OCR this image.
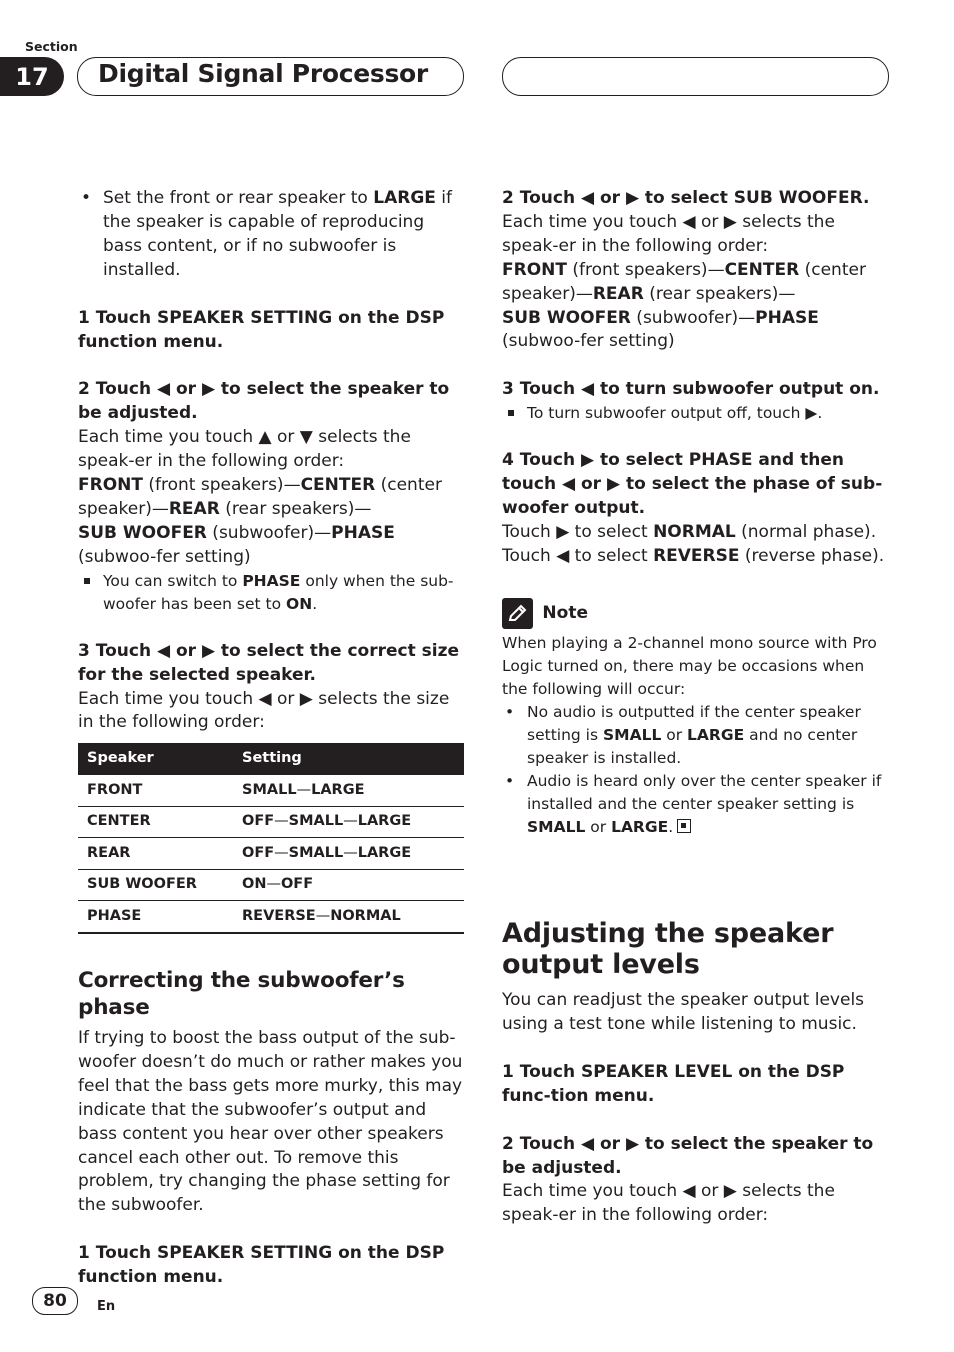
Section
17	Digital Signal Processor

• Set the front or rear speaker to LARGE if the speaker is capable of reproducing bass content, or if no subwoofer is installed.

1 Touch SPEAKER SETTING on the DSP function menu.

2 Touch ◀ or ▶ to select the speaker to be adjusted.

Each time you touch ▲ or ▼ selects the speak-er in the following order:

FRONT (front speakers)—CENTER (center speaker)—REAR (rear speakers)—
SUB WOOFER (subwoofer)—PHASE (subwoo-fer setting)

You can switch to PHASE only when the sub-woofer has been set to ON.

3 Touch ◀ or ▶ to select the correct size for the selected speaker.

Each time you touch ◀ or ▶ selects the size in the following order:

Speaker	Setting
FRONT	SMALL—LARGE
CENTER	OFF—SMALL—LARGE
REAR	OFF—SMALL—LARGE
SUB WOOFER	ON—OFF
PHASE	REVERSE—NORMAL

Correcting the subwoofer’s phase

If trying to boost the bass output of the sub-woofer doesn’t do much or rather makes you feel that the bass gets more murky, this may indicate that the subwoofer’s output and bass content you hear over other speakers cancel each other out. To remove this problem, try changing the phase setting for the subwoofer.

1 Touch SPEAKER SETTING on the DSP function menu.

2 Touch ◀ or ▶ to select SUB WOOFER.

Each time you touch ◀ or ▶ selects the speak-er in the following order:

FRONT (front speakers)—CENTER (center speaker)—REAR (rear speakers)—
SUB WOOFER (subwoofer)—PHASE (subwoo-fer setting)

3 Touch ◀ to turn subwoofer output on.

To turn subwoofer output off, touch ▶.

4 Touch ▶ to select PHASE and then touch ◀ or ▶ to select the phase of sub-woofer output.

Touch ▶ to select NORMAL (normal phase).

Touch ◀ to select REVERSE (reverse phase).

Note

When playing a 2-channel mono source with Pro Logic turned on, there may be occasions when the following will occur:

• No audio is outputted if the center speaker setting is SMALL or LARGE and no center speaker is installed.

• Audio is heard only over the center speaker if installed and the center speaker setting is SMALL or LARGE.

Adjusting the speaker output levels

You can readjust the speaker output levels using a test tone while listening to music.

1 Touch SPEAKER LEVEL on the DSP func-tion menu.

2 Touch ◀ or ▶ to select the speaker to be adjusted.

Each time you touch ◀ or ▶ selects the speak-er in the following order:

80	En
